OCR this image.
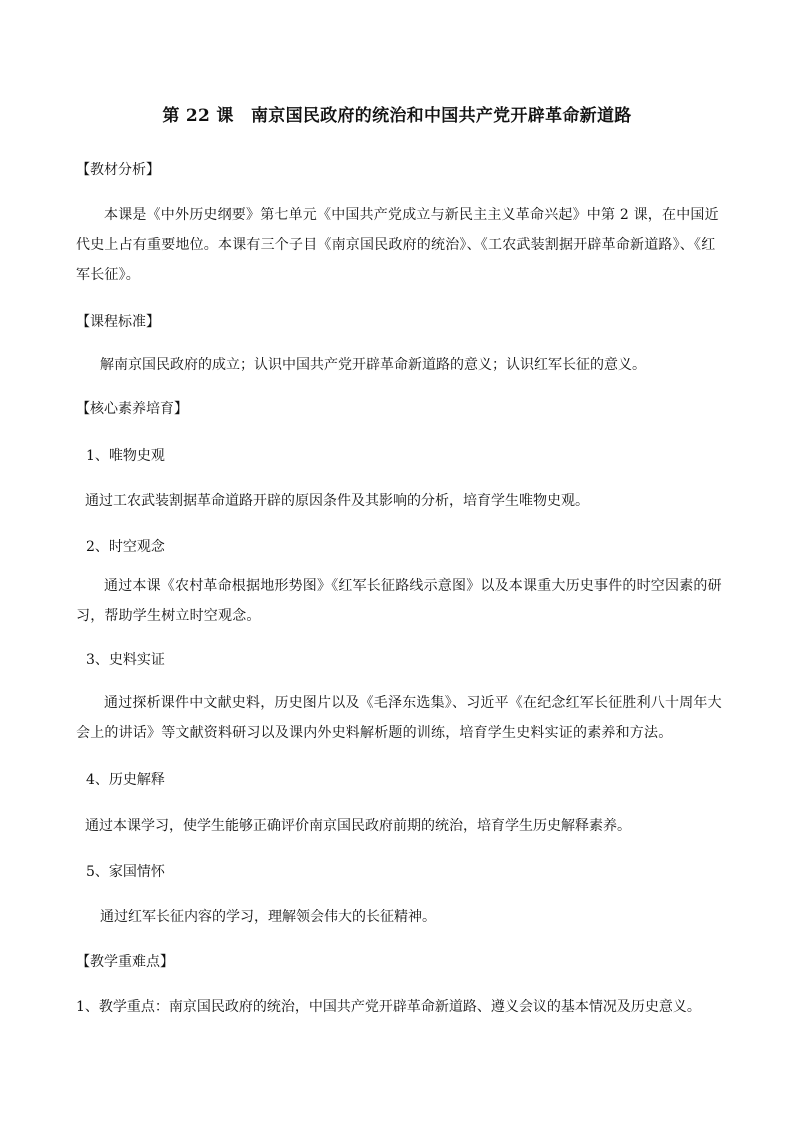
第 22 课　南京国民政府的统治和中国共产党开辟革命新道路
【教材分析】
本课是《中外历史纲要》第七单元《中国共产党成立与新民主主义革命兴起》中第 2 课，在中国近代史上占有重要地位。本课有三个子目《南京国民政府的统治》、《工农武装割据开辟革命新道路》、《红军长征》。
【课程标准】
解南京国民政府的成立；认识中国共产党开辟革命新道路的意义；认识红军长征的意义。
【核心素养培育】
1、唯物史观
通过工农武装割据革命道路开辟的原因条件及其影响的分析，培育学生唯物史观。
2、时空观念
通过本课《农村革命根据地形势图》《红军长征路线示意图》以及本课重大历史事件的时空因素的研习，帮助学生树立时空观念。
3、史料实证
通过探析课件中文献史料，历史图片以及《毛泽东选集》、习近平《在纪念红军长征胜利八十周年大会上的讲话》等文献资料研习以及课内外史料解析题的训练，培育学生史料实证的素养和方法。
4、历史解释
通过本课学习，使学生能够正确评价南京国民政府前期的统治，培育学生历史解释素养。
5、家国情怀
通过红军长征内容的学习，理解领会伟大的长征精神。
【教学重难点】
1、教学重点：南京国民政府的统治，中国共产党开辟革命新道路、遵义会议的基本情况及历史意义。
